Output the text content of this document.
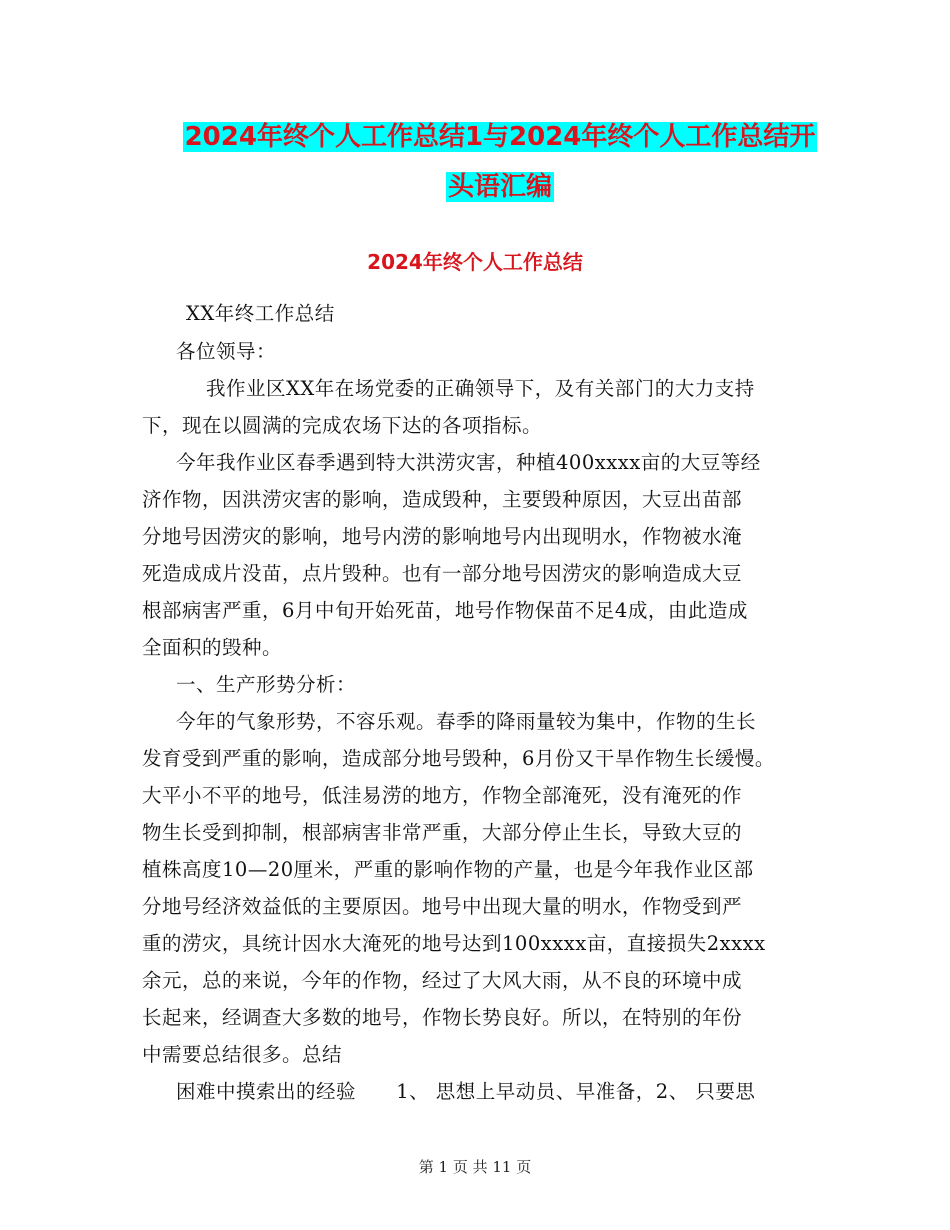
2024年终个人工作总结1与2024年终个人工作总结开
头语汇编
2024年终个人工作总结
XX年终工作总结
各位领导：
我作业区XX年在场党委的正确领导下，及有关部门的大力支持
下，现在以圆满的完成农场下达的各项指标。
今年我作业区春季遇到特大洪涝灾害，种植400xxxx亩的大豆等经
济作物，因洪涝灾害的影响，造成毁种，主要毁种原因，大豆出苗部
分地号因涝灾的影响，地号内涝的影响地号内出现明水，作物被水淹
死造成成片没苗，点片毁种。也有一部分地号因涝灾的影响造成大豆
根部病害严重，6月中旬开始死苗，地号作物保苗不足4成，由此造成
全面积的毁种。
一、生产形势分析：
今年的气象形势，不容乐观。春季的降雨量较为集中，作物的生长
发育受到严重的影响，造成部分地号毁种，6月份又干旱作物生长缓慢。
大平小不平的地号，低洼易涝的地方，作物全部淹死，没有淹死的作
物生长受到抑制，根部病害非常严重，大部分停止生长，导致大豆的
植株高度10—20厘米，严重的影响作物的产量，也是今年我作业区部
分地号经济效益低的主要原因。地号中出现大量的明水，作物受到严
重的涝灾，具统计因水大淹死的地号达到100xxxx亩，直接损失2xxxx
余元，总的来说，今年的作物，经过了大风大雨，从不良的环境中成
长起来，经调查大多数的地号，作物长势良好。所以，在特别的年份
中需要总结很多。总结
困难中摸索出的经验      1、 思想上早动员、早准备，2、 只要思
第 1 页 共 11 页
